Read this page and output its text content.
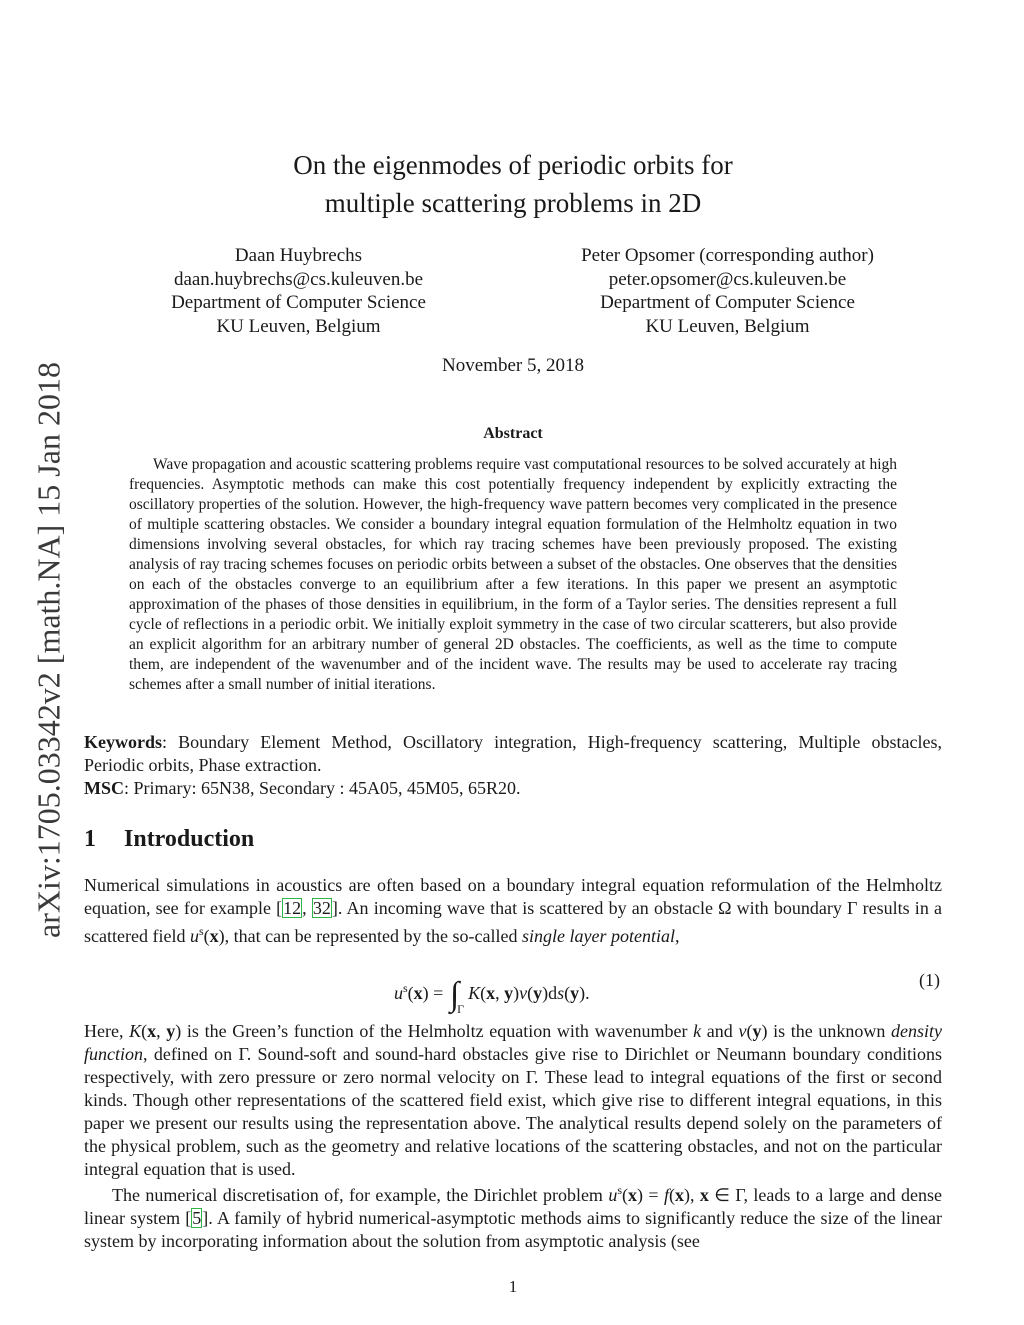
arXiv:1705.03342v2 [math.NA] 15 Jan 2018
On the eigenmodes of periodic orbits for
multiple scattering problems in 2D
Daan Huybrechs
daan.huybrechs@cs.kuleuven.be
Department of Computer Science
KU Leuven, Belgium
Peter Opsomer (corresponding author)
peter.opsomer@cs.kuleuven.be
Department of Computer Science
KU Leuven, Belgium
November 5, 2018
Abstract
Wave propagation and acoustic scattering problems require vast computational resources to be solved accurately at high frequencies. Asymptotic methods can make this cost potentially frequency independent by explicitly extracting the oscillatory properties of the solution. However, the high-frequency wave pattern becomes very complicated in the presence of multiple scattering obstacles. We consider a boundary integral equation formulation of the Helmholtz equation in two dimensions involving several obstacles, for which ray tracing schemes have been previously proposed. The existing analysis of ray tracing schemes focuses on periodic orbits between a subset of the obstacles. One observes that the densities on each of the obstacles converge to an equilibrium after a few iterations. In this paper we present an asymptotic approximation of the phases of those densities in equilibrium, in the form of a Taylor series. The densities represent a full cycle of reflections in a periodic orbit. We initially exploit symmetry in the case of two circular scatterers, but also provide an explicit algorithm for an arbitrary number of general 2D obstacles. The coefficients, as well as the time to compute them, are independent of the wavenumber and of the incident wave. The results may be used to accelerate ray tracing schemes after a small number of initial iterations.
Keywords: Boundary Element Method, Oscillatory integration, High-frequency scattering, Multiple obstacles, Periodic orbits, Phase extraction.
MSC: Primary: 65N38, Secondary : 45A05, 45M05, 65R20.
1 Introduction
Numerical simulations in acoustics are often based on a boundary integral equation reformulation of the Helmholtz equation, see for example [12, 32]. An incoming wave that is scattered by an obstacle Ω with boundary Γ results in a scattered field $u^s(x)$, that can be represented by the so-called single layer potential,
$u^s(x) = \int_\Gamma K(x$, y)v(y)ds(y).
(1)
Here, K(x, y) is the Green’s function of the Helmholtz equation with wavenumber k and v(y) is the unknown density function, defined on Γ. Sound-soft and sound-hard obstacles give rise to Dirichlet or Neumann boundary conditions respectively, with zero pressure or zero normal velocity on Γ. These lead to integral equations of the first or second kinds. Though other representations of the scattered field exist, which give rise to different integral equations, in this paper we present our results using the representation above. The analytical results depend solely on the parameters of the physical problem, such as the geometry and relative locations of the scattering obstacles, and not on the particular integral equation that is used.
The numerical discretisation of, for example, the Dirichlet problem $u^s(x) = f(x)$, x ∈ Γ, leads to a large and dense linear system [5]. A family of hybrid numerical-asymptotic methods aims to significantly reduce the size of the linear system by incorporating information about the solution from asymptotic analysis (see
1
